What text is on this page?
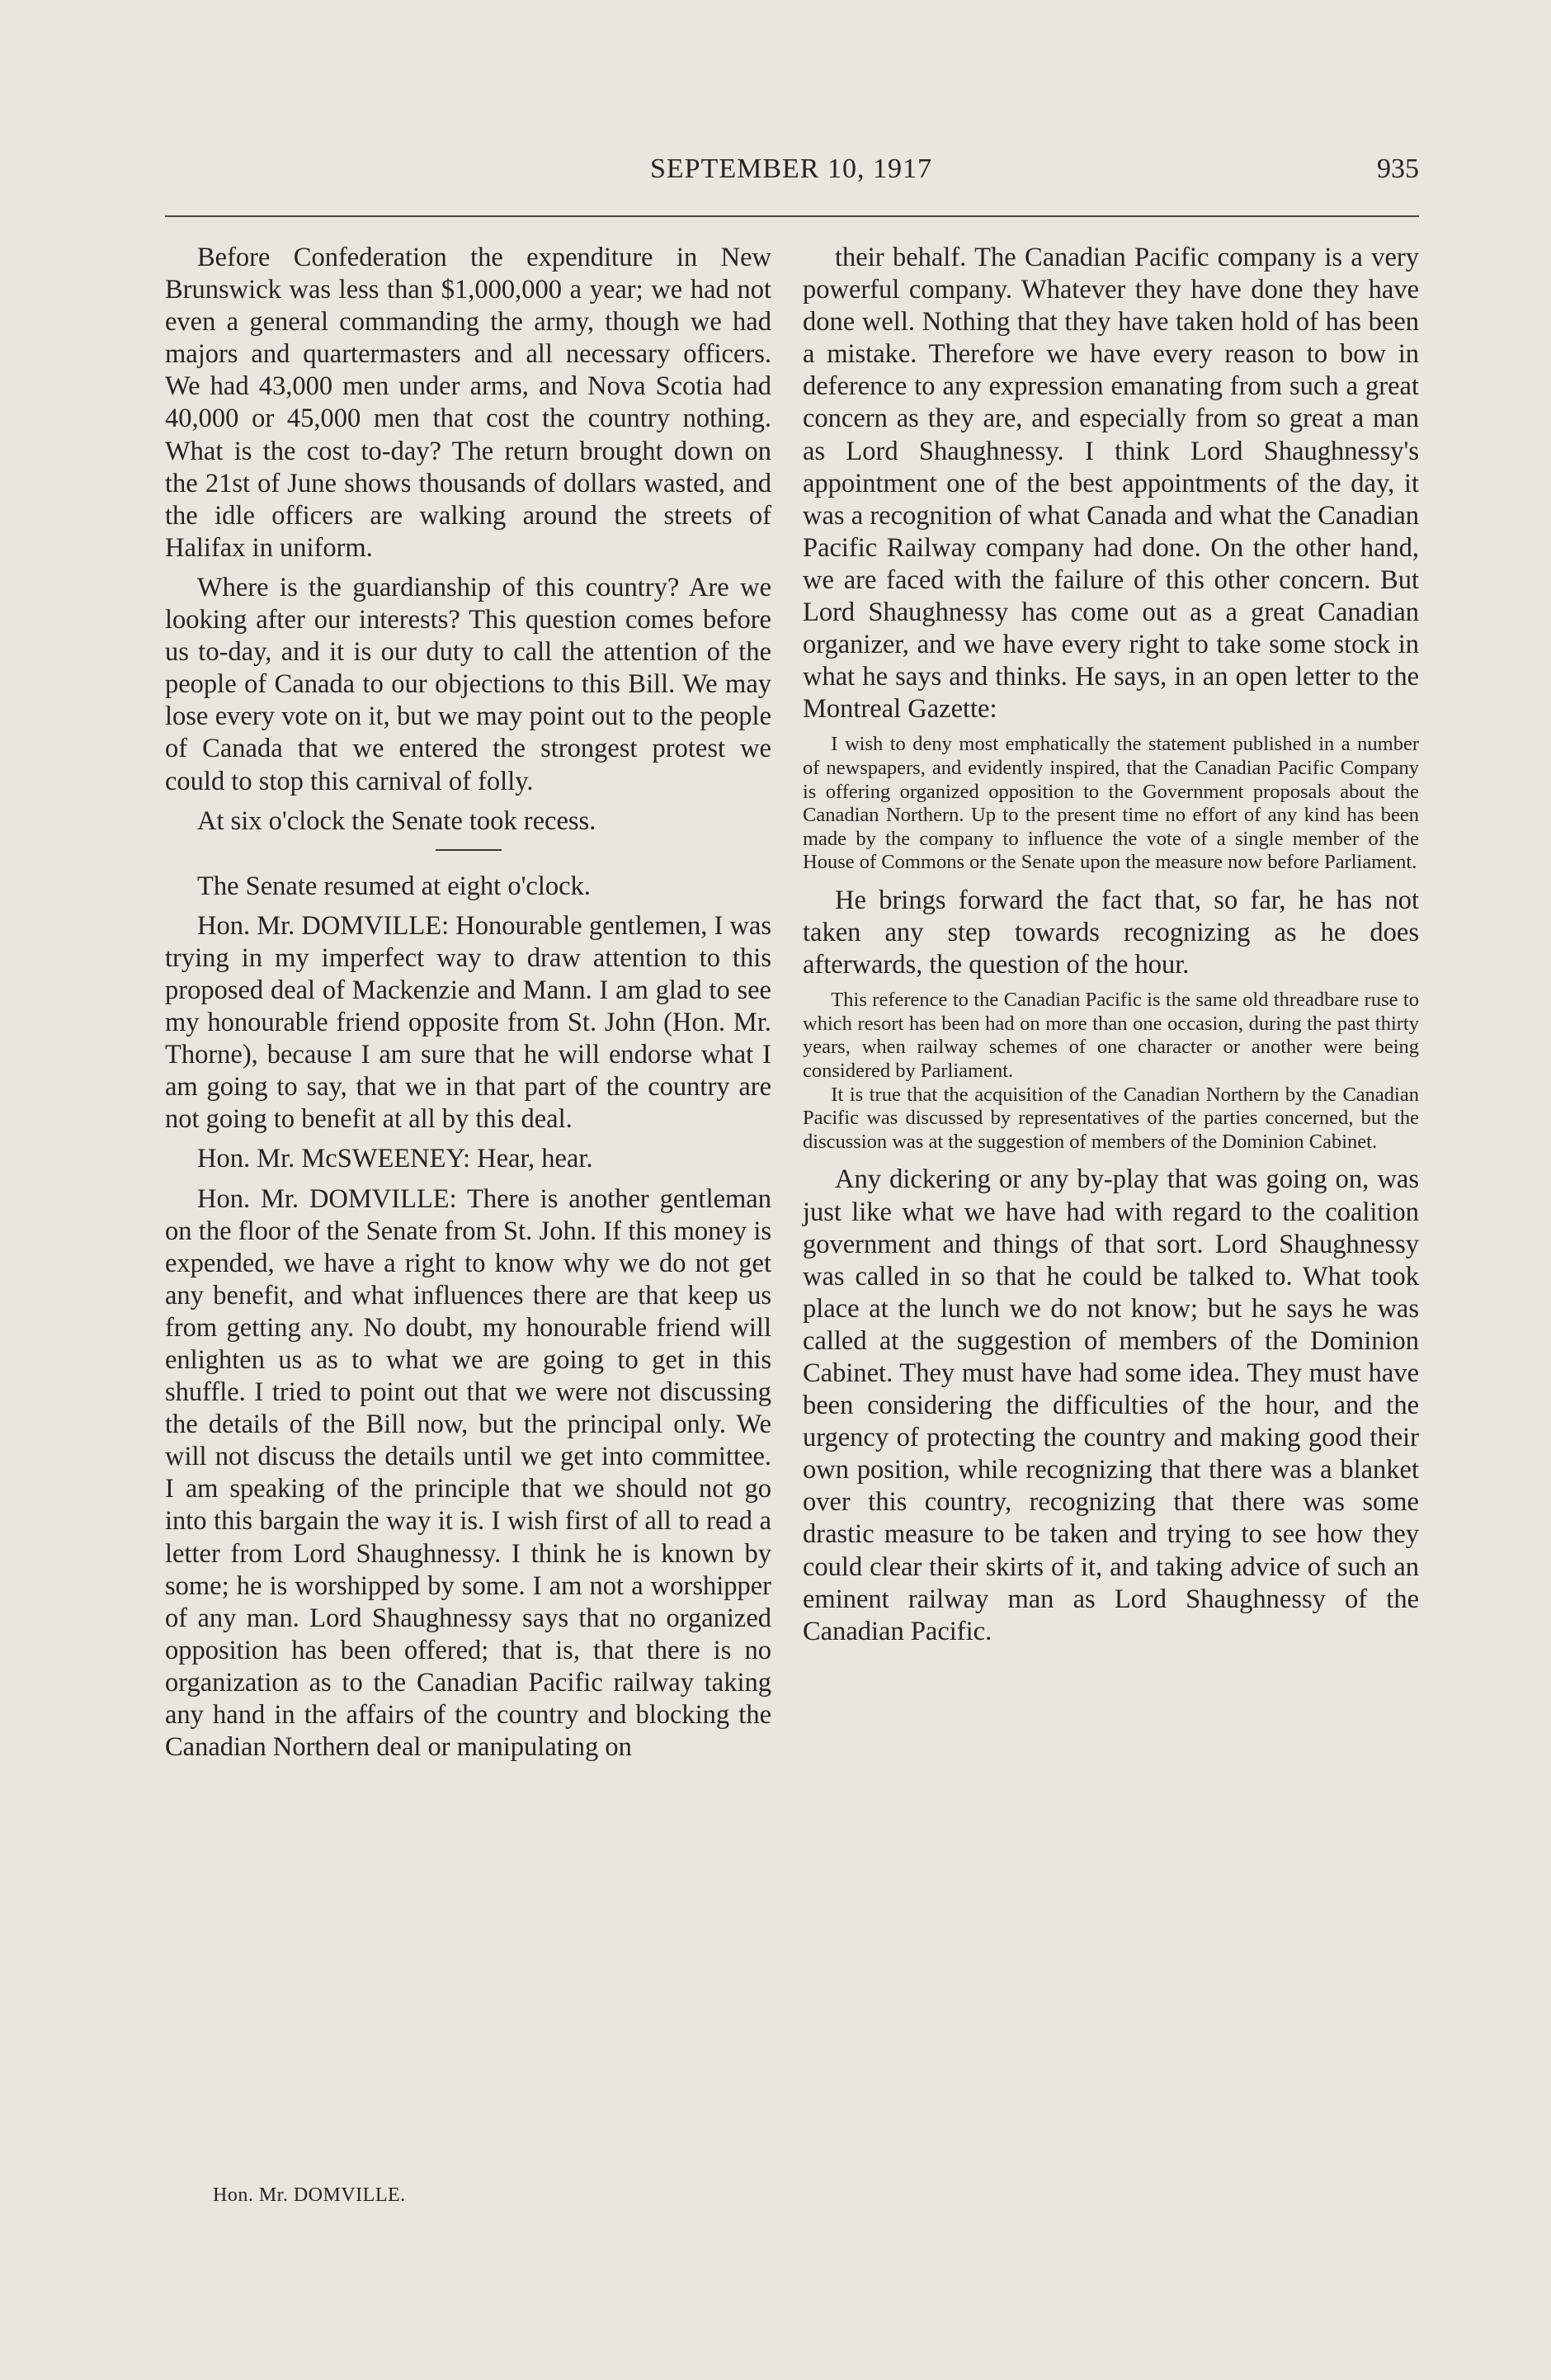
SEPTEMBER 10, 1917	935

Before Confederation the expenditure in New Brunswick was less than $1,000,000 a year; we had not even a general commanding the army, though we had majors and quartermasters and all necessary officers. We had 43,000 men under arms, and Nova Scotia had 40,000 or 45,000 men that cost the country nothing. What is the cost to-day? The return brought down on the 21st of June shows thousands of dollars wasted, and the idle officers are walking around the streets of Halifax in uniform.

Where is the guardianship of this country? Are we looking after our interests? This question comes before us to-day, and it is our duty to call the attention of the people of Canada to our objections to this Bill. We may lose every vote on it, but we may point out to the people of Canada that we entered the strongest protest we could to stop this carnival of folly.

At six o'clock the Senate took recess.

The Senate resumed at eight o'clock.

Hon. Mr. DOMVILLE: Honourable gentlemen, I was trying in my imperfect way to draw attention to this proposed deal of Mackenzie and Mann. I am glad to see my honourable friend opposite from St. John (Hon. Mr. Thorne), because I am sure that he will endorse what I am going to say, that we in that part of the country are not going to benefit at all by this deal.

Hon. Mr. McSWEENEY: Hear, hear.

Hon. Mr. DOMVILLE: There is another gentleman on the floor of the Senate from St. John. If this money is expended, we have a right to know why we do not get any benefit, and what influences there are that keep us from getting any. No doubt, my honourable friend will enlighten us as to what we are going to get in this shuffle. I tried to point out that we were not discussing the details of the Bill now, but the principal only. We will not discuss the details until we get into committee. I am speaking of the principle that we should not go into this bargain the way it is. I wish first of all to read a letter from Lord Shaughnessy. I think he is known by some; he is worshipped by some. I am not a worshipper of any man. Lord Shaughnessy says that no organized opposition has been offered; that is, that there is no organization as to the Canadian Pacific railway taking any hand in the affairs of the country and blocking the Canadian Northern deal or manipulating on

their behalf. The Canadian Pacific company is a very powerful company. Whatever they have done they have done well. Nothing that they have taken hold of has been a mistake. Therefore we have every reason to bow in deference to any expression emanating from such a great concern as they are, and especially from so great a man as Lord Shaughnessy. I think Lord Shaughnessy's appointment one of the best appointments of the day, it was a recognition of what Canada and what the Canadian Pacific Railway company had done. On the other hand, we are faced with the failure of this other concern. But Lord Shaughnessy has come out as a great Canadian organizer, and we have every right to take some stock in what he says and thinks. He says, in an open letter to the Montreal Gazette:

I wish to deny most emphatically the statement published in a number of newspapers, and evidently inspired, that the Canadian Pacific Company is offering organized opposition to the Government proposals about the Canadian Northern. Up to the present time no effort of any kind has been made by the company to influence the vote of a single member of the House of Commons or the Senate upon the measure now before Parliament.

He brings forward the fact that, so far, he has not taken any step towards recognizing as he does afterwards, the question of the hour.

This reference to the Canadian Pacific is the same old threadbare ruse to which resort has been had on more than one occasion, during the past thirty years, when railway schemes of one character or another were being considered by Parliament.

It is true that the acquisition of the Canadian Northern by the Canadian Pacific was discussed by representatives of the parties concerned, but the discussion was at the suggestion of members of the Dominion Cabinet.

Any dickering or any by-play that was going on, was just like what we have had with regard to the coalition government and things of that sort. Lord Shaughnessy was called in so that he could be talked to. What took place at the lunch we do not know; but he says he was called at the suggestion of members of the Dominion Cabinet. They must have had some idea. They must have been considering the difficulties of the hour, and the urgency of protecting the country and making good their own position, while recognizing that there was a blanket over this country, recognizing that there was some drastic measure to be taken and trying to see how they could clear their skirts of it, and taking advice of such an eminent railway man as Lord Shaughnessy of the Canadian Pacific.

Hon. Mr. DOMVILLE.
